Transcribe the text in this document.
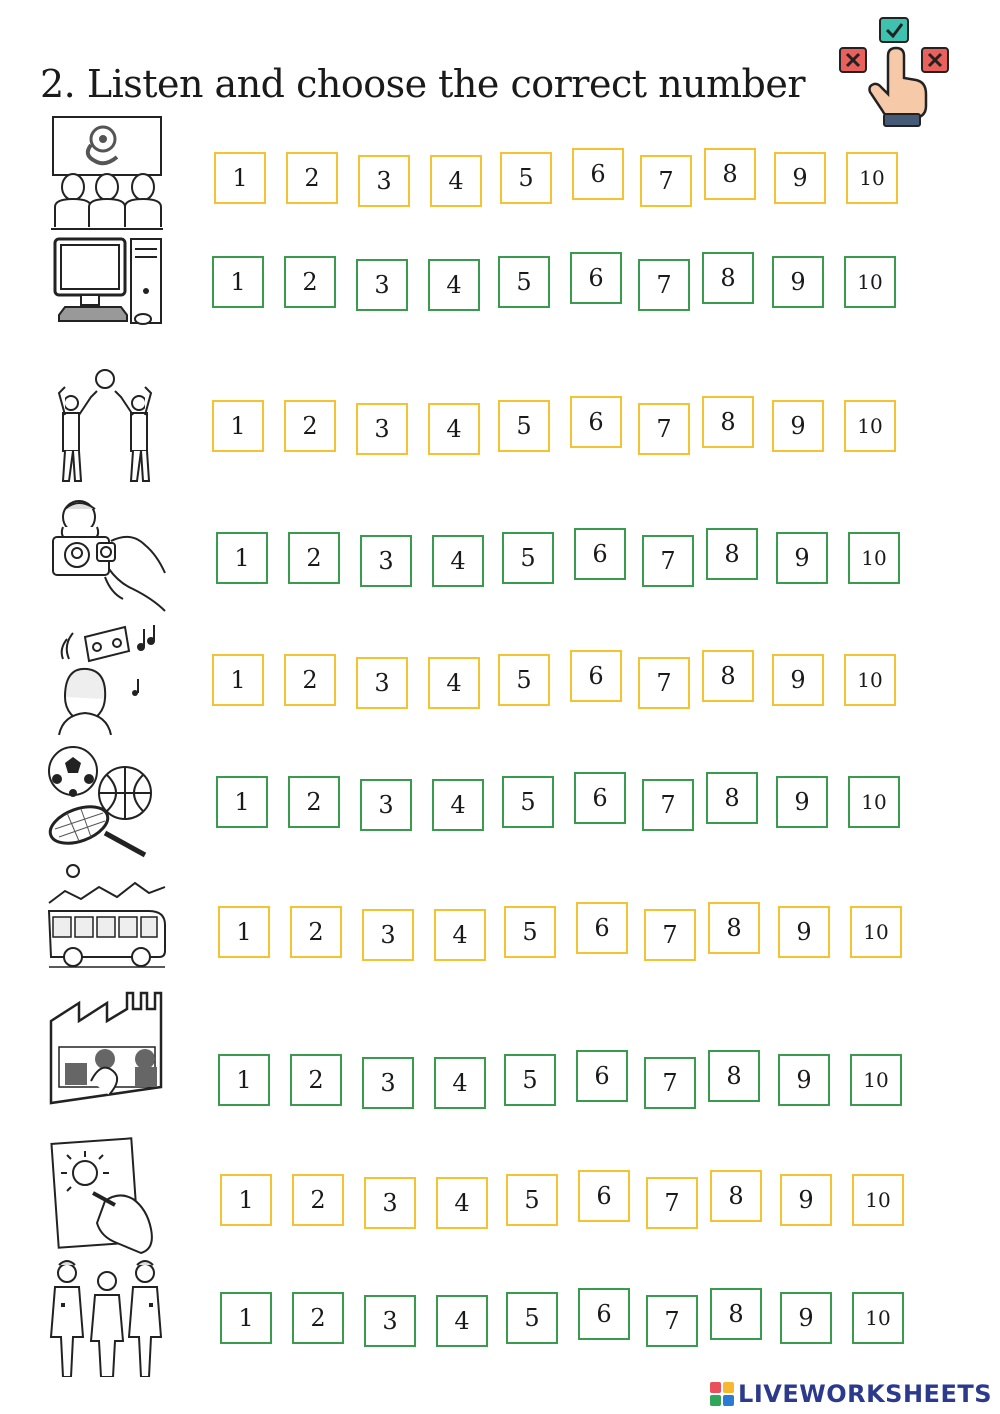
2. Listen and choose the correct number
1	2	3	4	5	6	7	8	9	10
1	2	3	4	5	6	7	8	9	10
1	2	3	4	5	6	7	8	9	10
1	2	3	4	5	6	7	8	9	10
1	2	3	4	5	6	7	8	9	10
1	2	3	4	5	6	7	8	9	10
1	2	3	4	5	6	7	8	9	10
1	2	3	4	5	6	7	8	9	10
1	2	3	4	5	6	7	8	9	10
1	2	3	4	5	6	7	8	9	10
LIVEWORKSHEETS
